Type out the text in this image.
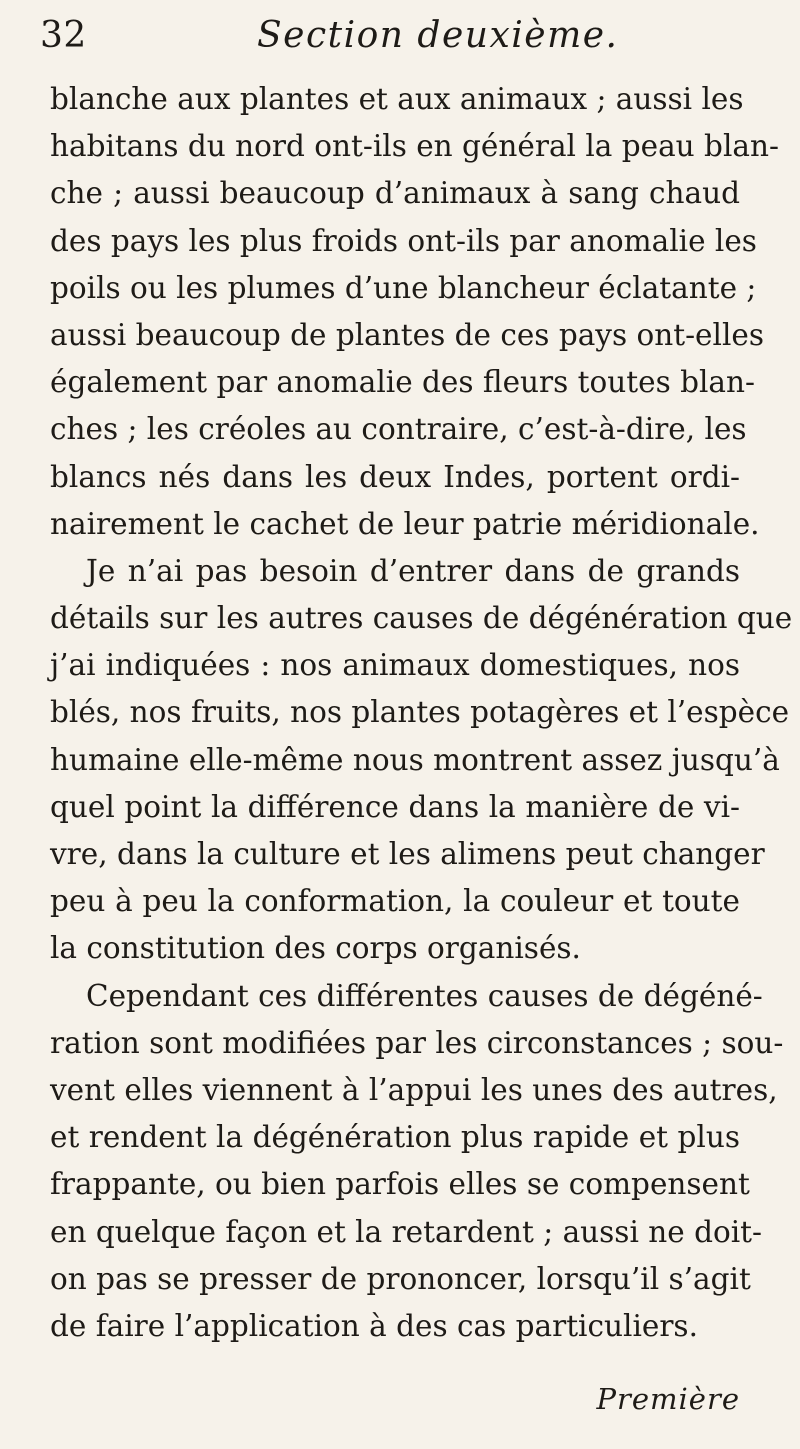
32	Section deuxième.
blanche aux plantes et aux animaux ; aussi les
habitans du nord ont-ils en général la peau blan-
che ; aussi beaucoup d’animaux à sang chaud
des pays les plus froids ont-ils par anomalie les
poils ou les plumes d’une blancheur éclatante ;
aussi beaucoup de plantes de ces pays ont-elles
également par anomalie des fleurs toutes blan-
ches ; les créoles au contraire, c’est-à-dire, les
blancs nés dans les deux Indes, portent ordi-
nairement le cachet de leur patrie méridionale.
Je n’ai pas besoin d’entrer dans de grands
détails sur les autres causes de dégénération que
j’ai indiquées : nos animaux domestiques, nos
blés, nos fruits, nos plantes potagères et l’espèce
humaine elle-même nous montrent assez jusqu’à
quel point la différence dans la manière de vi-
vre, dans la culture et les alimens peut changer
peu à peu la conformation, la couleur et toute
la constitution des corps organisés.
Cependant ces différentes causes de dégéné-
ration sont modifiées par les circonstances ; sou-
vent elles viennent à l’appui les unes des autres,
et rendent la dégénération plus rapide et plus
frappante, ou bien parfois elles se compensent
en quelque façon et la retardent ; aussi ne doit-
on pas se presser de prononcer, lorsqu’il s’agit
de faire l’application à des cas particuliers.
Première
